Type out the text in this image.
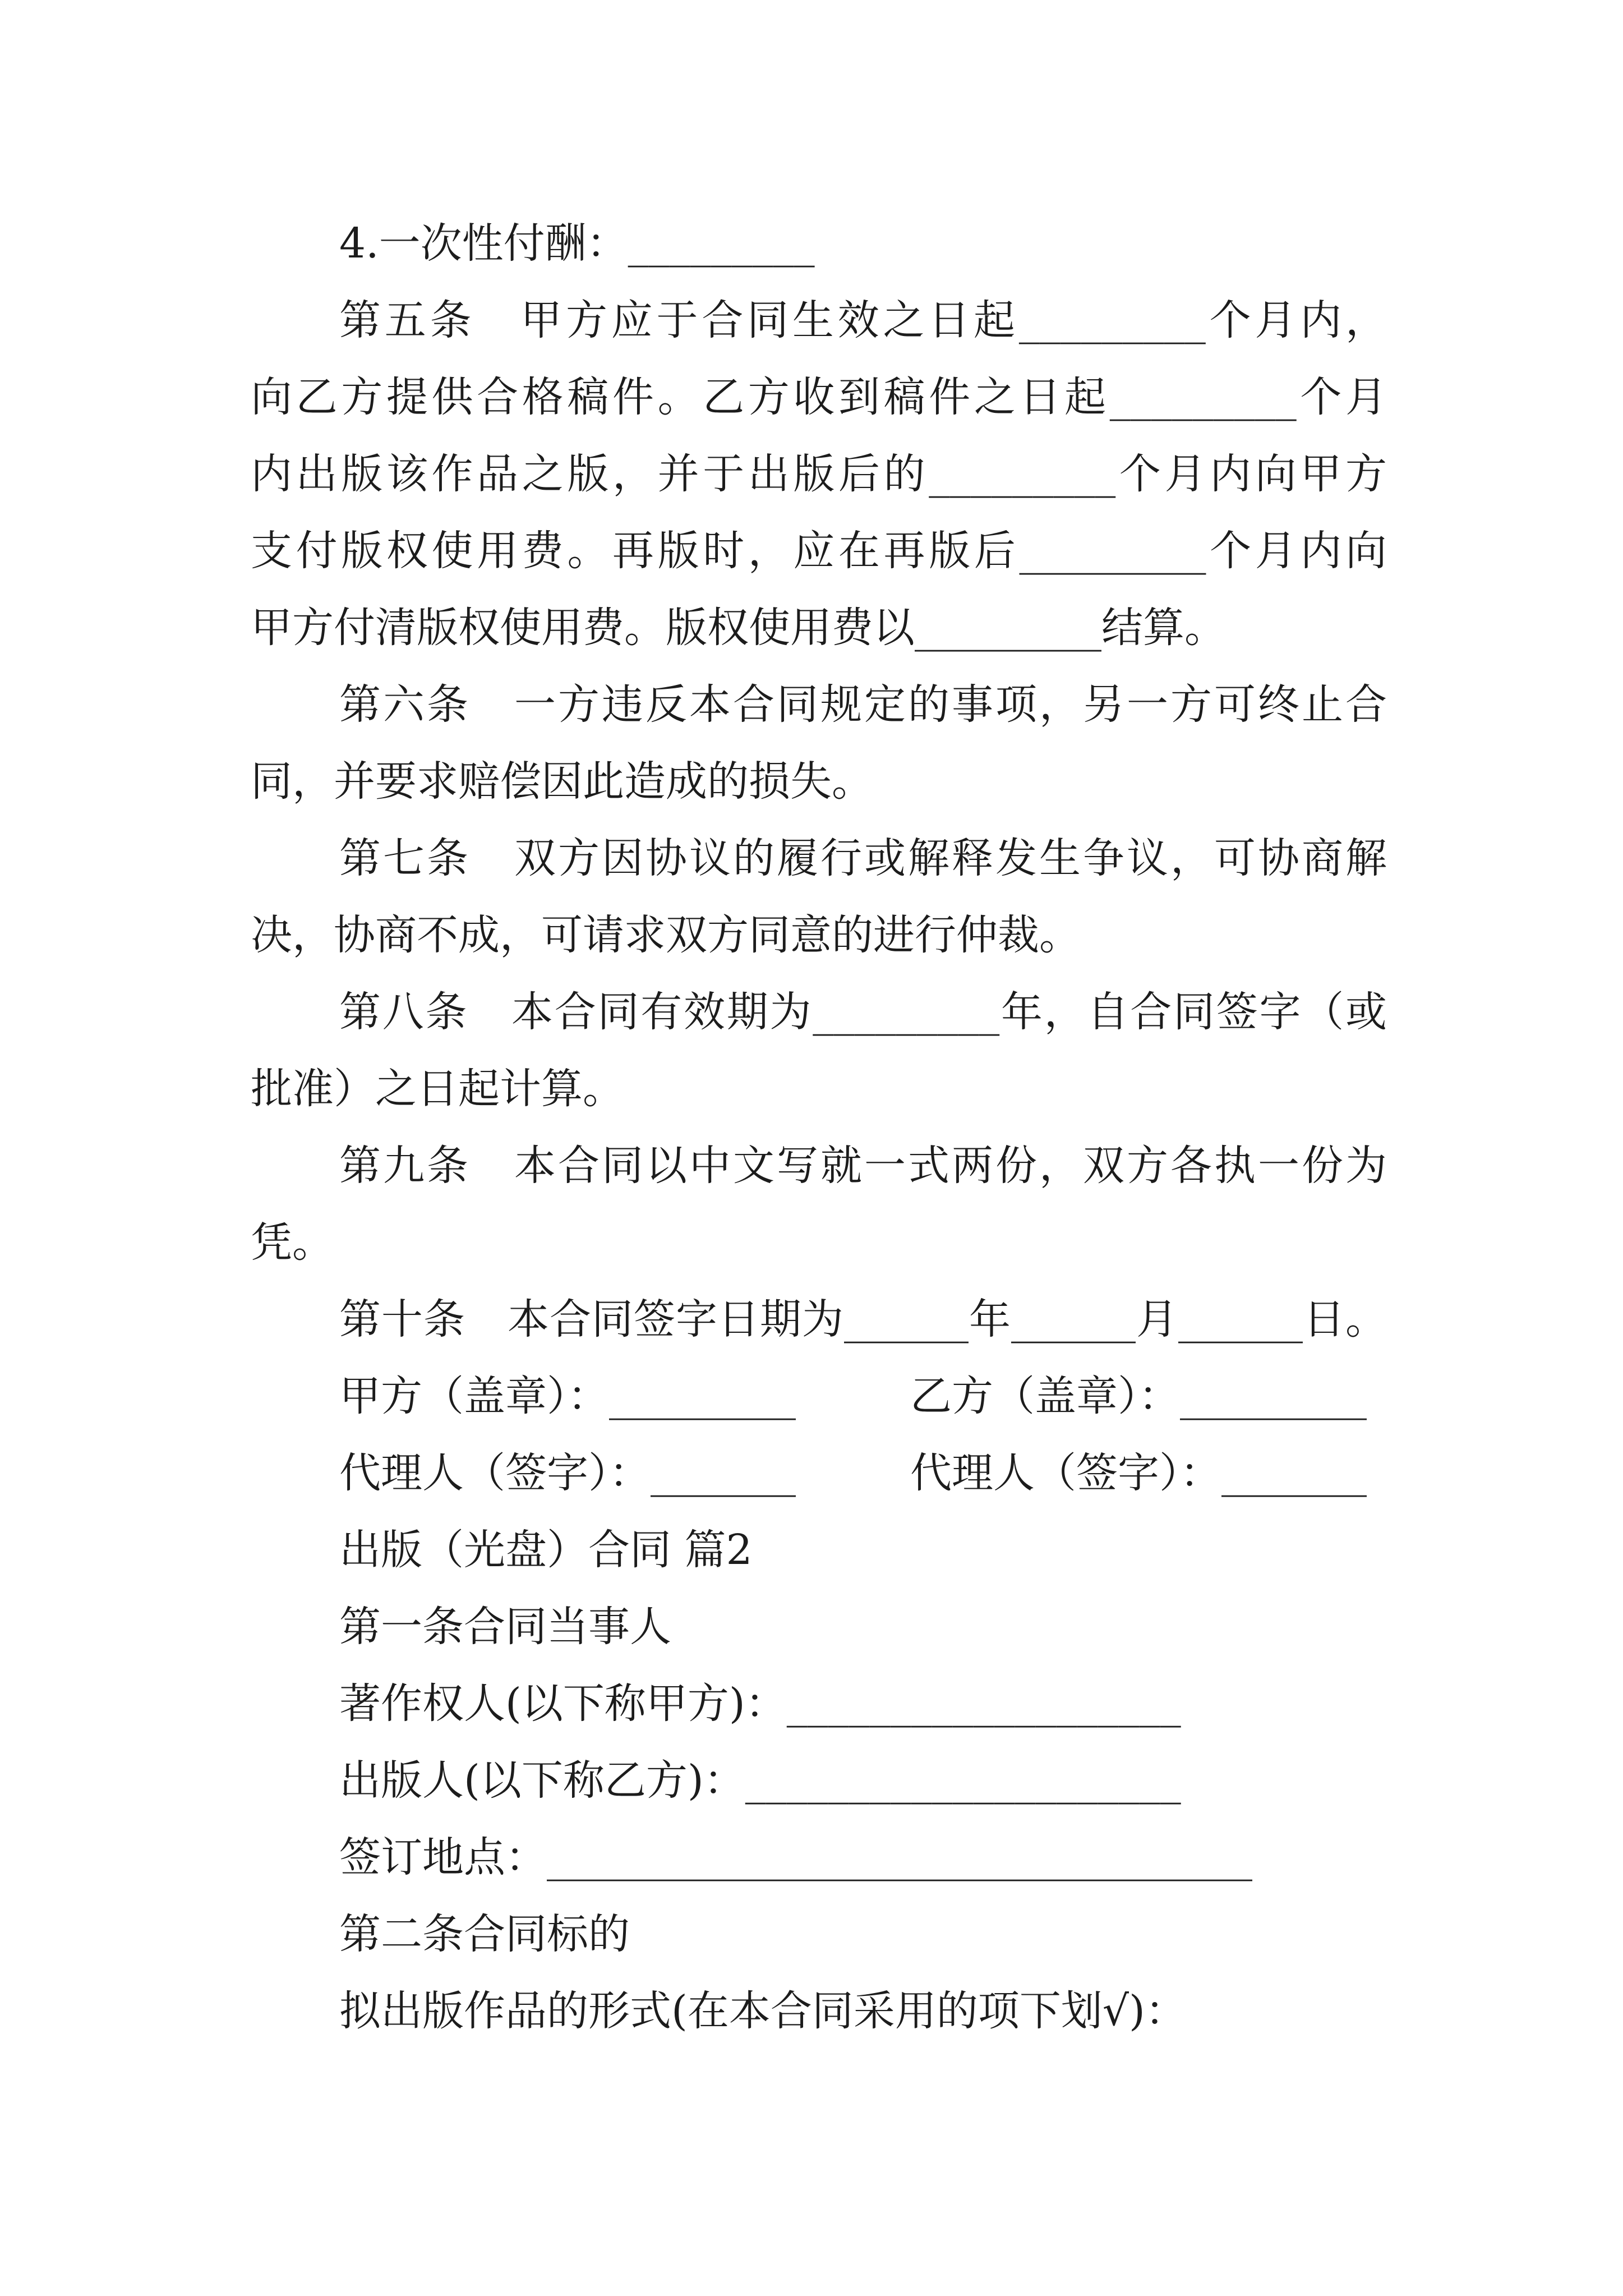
4.一次性付酬：_________
第五条　甲方应于合同生效之日起_________个月内，
向乙方提供合格稿件。乙方收到稿件之日起_________个月
内出版该作品之版，并于出版后的_________个月内向甲方
支付版权使用费。再版时，应在再版后_________个月内向
甲方付清版权使用费。版权使用费以_________结算。
第六条　一方违反本合同规定的事项，另一方可终止合
同，并要求赔偿因此造成的损失。
第七条　双方因协议的履行或解释发生争议，可协商解
决，协商不成，可请求双方同意的进行仲裁。
第八条　本合同有效期为_________年，自合同签字（或
批准）之日起计算。
第九条　本合同以中文写就一式两份，双方各执一份为
凭。
第十条　本合同签字日期为______年______月______日。
甲方（盖章）：_________	乙方（盖章）：_________
代理人（签字）：_______	代理人（签字）：_______
出版（光盘）合同 篇2
第一条合同当事人
著作权人(以下称甲方)：___________________
出版人(以下称乙方)：_____________________
签订地点：__________________________________
第二条合同标的
拟出版作品的形式(在本合同采用的项下划√)：
